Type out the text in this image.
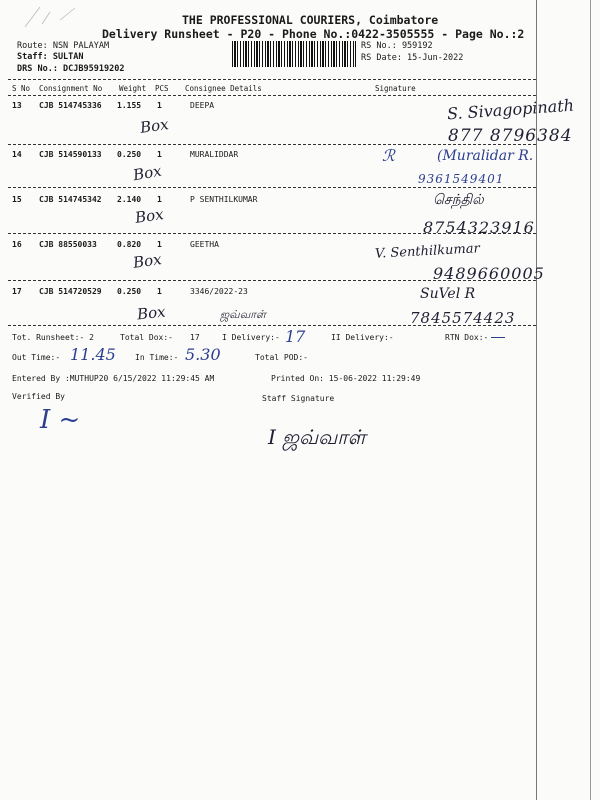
THE PROFESSIONAL COURIERS, Coimbatore
Delivery Runsheet - P20 - Phone No.:0422-3505555 - Page No.:2
Route: NSN PALAYAM
Staff: SULTAN
DRS No.: DCJB95919202
RS No.: 959192
RS Date: 15-Jun-2022
S No Consignment No Weight PCS Consignee Details	Signature
13 CJB 514745336 1.155 1	DEEPA
Box
S. Sivagopinath
877 8796384
14 CJB 514590133 0.250 1	MURALIDDAR
Box
ℛ	(Muralidar R.
9361549401
15 CJB 514745342 2.140 1	P SENTHILKUMAR
Box
செந்தில்
8754323916
16 CJB 88550033	0.820 1	GEETHA
Box	V. Senthilkumar
9489660005
17 CJB 514720529 0.250 1	3346/2022-23
Box	ஜவ்வாள்
SuVel R
7845574423
Tot. Runsheet:- 2	Total Dox:- 17	I Delivery:- 17	II Delivery:-	RTN Dox:-
Out Time:- 11.45 In Time:- 5.30	Total POD:-
Entered By :MUTHUP20 6/15/2022 11:29:45 AM	Printed On: 15-06-2022 11:29:49
Verified By
I ~
Staff Signature
I ஜவ்வாள்
